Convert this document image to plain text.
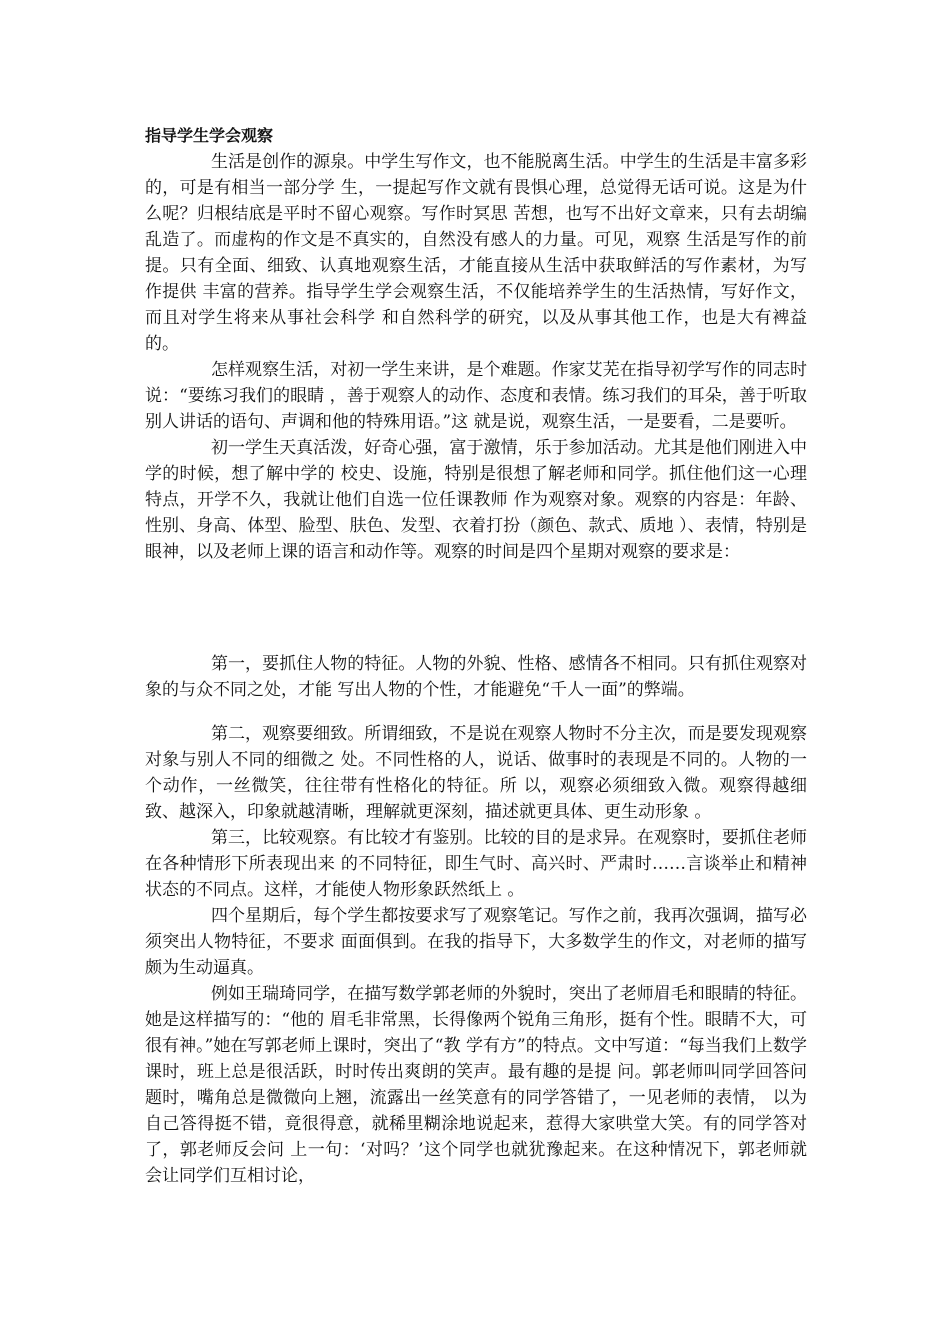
指导学生学会观察

生活是创作的源泉。中学生写作文，也不能脱离生活。中学生的生活是丰富多彩的，可是有相当一部分学 生，一提起写作文就有畏惧心理，总觉得无话可说。这是为什么呢？归根结底是平时不留心观察。写作时冥思 苦想，也写不出好文章来，只有去胡编乱造了。而虚构的作文是不真实的，自然没有感人的力量。可见，观察 生活是写作的前提。只有全面、细致、认真地观察生活，才能直接从生活中获取鲜活的写作素材，为写作提供 丰富的营养。指导学生学会观察生活，不仅能培养学生的生活热情，写好作文，而且对学生将来从事社会科学 和自然科学的研究，以及从事其他工作，也是大有裨益的。

怎样观察生活，对初一学生来讲，是个难题。作家艾芜在指导初学写作的同志时说：“要练习我们的眼睛 ，善于观察人的动作、态度和表情。练习我们的耳朵，善于听取别人讲话的语句、声调和他的特殊用语。”这 就是说，观察生活，一是要看，二是要听。

初一学生天真活泼，好奇心强，富于激情，乐于参加活动。尤其是他们刚进入中学的时候，想了解中学的 校史、设施，特别是很想了解老师和同学。抓住他们这一心理特点，开学不久，我就让他们自选一位任课教师 作为观察对象。观察的内容是：年龄、性别、身高、体型、脸型、肤色、发型、衣着打扮（颜色、款式、质地 ）、表情，特别是眼神，以及老师上课的语言和动作等。观察的时间是四个星期对观察的要求是：

第一，要抓住人物的特征。人物的外貌、性格、感情各不相同。只有抓住观察对象的与众不同之处，才能 写出人物的个性，才能避免“千人一面”的弊端。

第二，观察要细致。所谓细致，不是说在观察人物时不分主次，而是要发现观察对象与别人不同的细微之 处。不同性格的人，说话、做事时的表现是不同的。人物的一个动作，一丝微笑，往往带有性格化的特征。所 以，观察必须细致入微。观察得越细致、越深入，印象就越清晰，理解就更深刻，描述就更具体、更生动形象 。

第三，比较观察。有比较才有鉴别。比较的目的是求异。在观察时，要抓住老师在各种情形下所表现出来 的不同特征，即生气时、高兴时、严肃时……言谈举止和精神状态的不同点。这样，才能使人物形象跃然纸上 。

四个星期后，每个学生都按要求写了观察笔记。写作之前，我再次强调，描写必须突出人物特征，不要求 面面俱到。在我的指导下，大多数学生的作文，对老师的描写颇为生动逼真。

例如王瑞琦同学，在描写数学郭老师的外貌时，突出了老师眉毛和眼睛的特征。她是这样描写的：“他的 眉毛非常黑，长得像两个锐角三角形，挺有个性。眼睛不大，可很有神。”她在写郭老师上课时，突出了“教 学有方”的特点。文中写道：“每当我们上数学课时，班上总是很活跃，时时传出爽朗的笑声。最有趣的是提 问。郭老师叫同学回答问题时，嘴角总是微微向上翘，流露出一丝笑意有的同学答错了，一见老师的表情， 以为自己答得挺不错，竟很得意，就稀里糊涂地说起来，惹得大家哄堂大笑。有的同学答对了，郭老师反会问 上一句：‘对吗？’这个同学也就犹豫起来。在这种情况下，郭老师就会让同学们互相讨论，
